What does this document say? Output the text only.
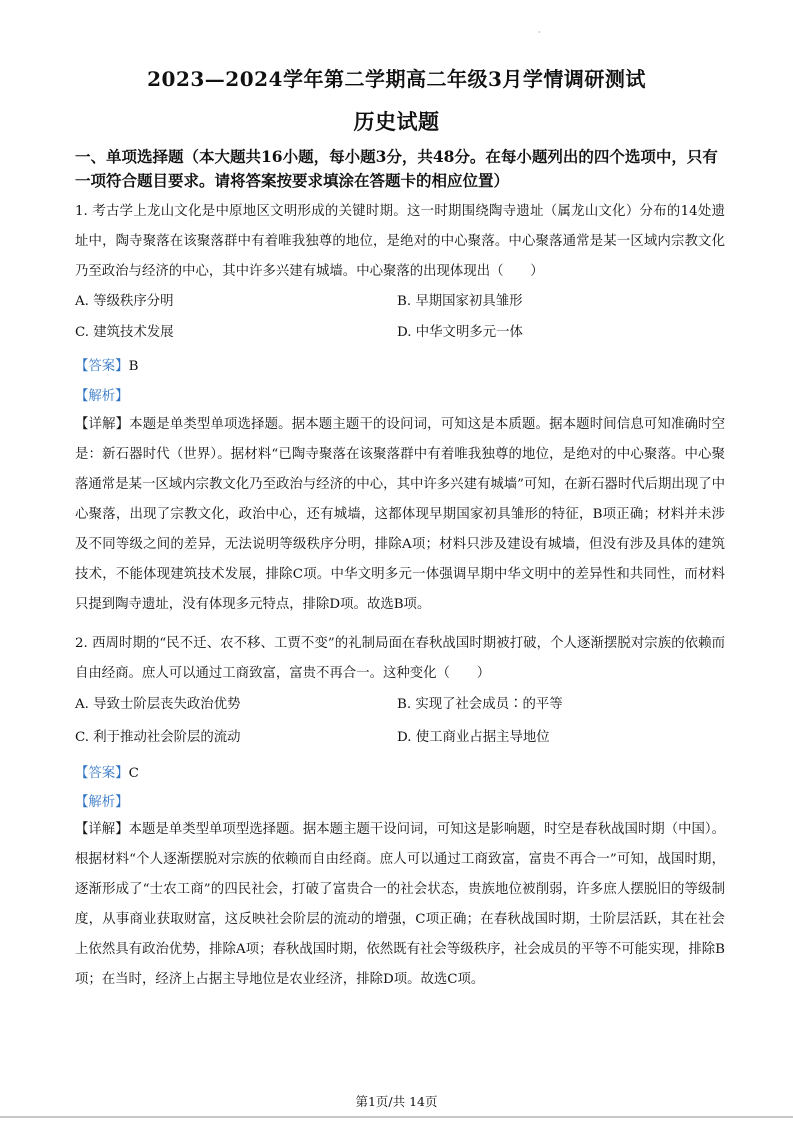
·
2023—2024学年第二学期高二年级3月学情调研测试
历史试题
一、单项选择题（本大题共16小题，每小题3分，共48分。在每小题列出的四个选项中，只有一项符合题目要求。请将答案按要求填涂在答题卡的相应位置）
1. 考古学上龙山文化是中原地区文明形成的关键时期。这一时期围绕陶寺遗址（属龙山文化）分布的14处遗址中，陶寺聚落在该聚落群中有着唯我独尊的地位，是绝对的中心聚落。中心聚落通常是某一区域内宗教文化乃至政治与经济的中心，其中许多兴建有城墙。中心聚落的出现体现出（　　）
A. 等级秩序分明	B. 早期国家初具雏形
C. 建筑技术发展	D. 中华文明多元一体
【答案】B
【解析】
【详解】本题是单类型单项选择题。据本题主题干的设问词，可知这是本质题。据本题时间信息可知准确时空是：新石器时代（世界）。据材料“已陶寺聚落在该聚落群中有着唯我独尊的地位，是绝对的中心聚落。中心聚落通常是某一区域内宗教文化乃至政治与经济的中心，其中许多兴建有城墙”可知，在新石器时代后期出现了中心聚落，出现了宗教文化，政治中心，还有城墙，这都体现早期国家初具雏形的特征，B项正确；材料并未涉及不同等级之间的差异，无法说明等级秩序分明，排除A项；材料只涉及建设有城墙，但没有涉及具体的建筑技术，不能体现建筑技术发展，排除C项。中华文明多元一体强调早期中华文明中的差异性和共同性，而材料只提到陶寺遗址，没有体现多元特点，排除D项。故选B项。
2. 西周时期的“民不迁、农不移、工贾不变”的礼制局面在春秋战国时期被打破，个人逐渐摆脱对宗族的依赖而自由经商。庶人可以通过工商致富，富贵不再合一。这种变化（　　）
A. 导致士阶层丧失政治优势	B. 实现了社会成员∶的平等
C. 利于推动社会阶层的流动	D. 使工商业占据主导地位
【答案】C
【解析】
【详解】本题是单类型单项型选择题。据本题主题干设问词，可知这是影响题，时空是春秋战国时期（中国）。根据材料“个人逐渐摆脱对宗族的依赖而自由经商。庶人可以通过工商致富，富贵不再合一”可知，战国时期，逐渐形成了“士农工商”的四民社会，打破了富贵合一的社会状态，贵族地位被削弱，许多庶人摆脱旧的等级制度，从事商业获取财富，这反映社会阶层的流动的增强，C项正确；在春秋战国时期，士阶层活跃，其在社会上依然具有政治优势，排除A项；春秋战国时期，依然既有社会等级秩序，社会成员的平等不可能实现，排除B项；在当时，经济上占据主导地位是农业经济，排除D项。故选C项。
第1页/共 14页
